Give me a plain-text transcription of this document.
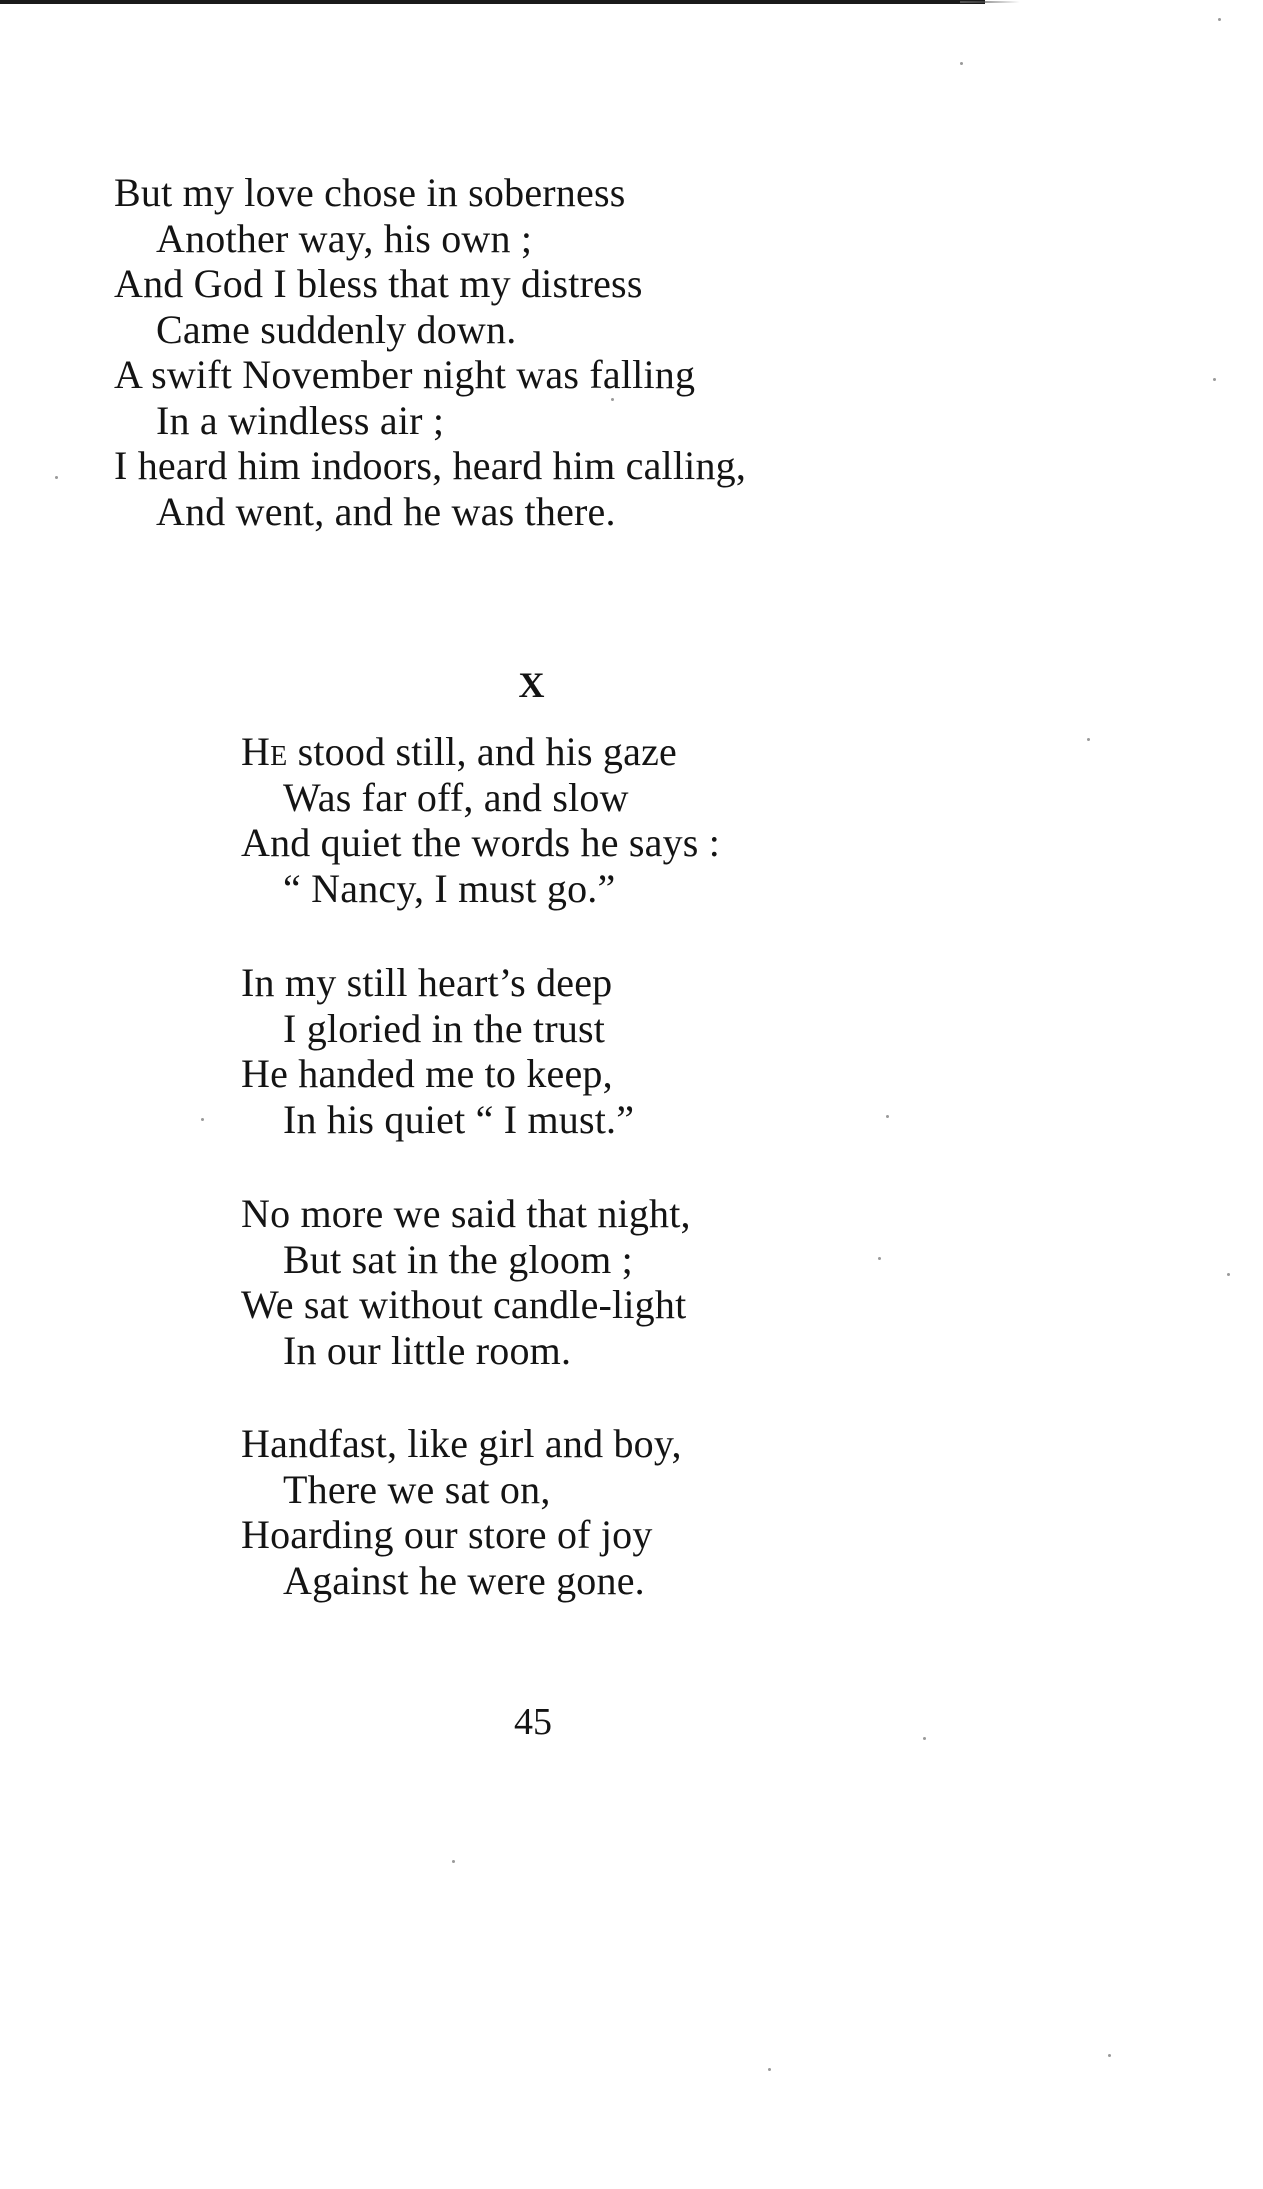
But my love chose in soberness
Another way, his own ;
And God I bless that my distress
Came suddenly down.
A swift November night was falling
In a windless air ;
I heard him indoors, heard him calling,
And went, and he was there.
X
He stood still, and his gaze
Was far off, and slow
And quiet the words he says :
“ Nancy, I must go.”
In my still heart’s deep
I gloried in the trust
He handed me to keep,
In his quiet “ I must.”
No more we said that night,
But sat in the gloom ;
We sat without candle-light
In our little room.
Handfast, like girl and boy,
There we sat on,
Hoarding our store of joy
Against he were gone.
45
